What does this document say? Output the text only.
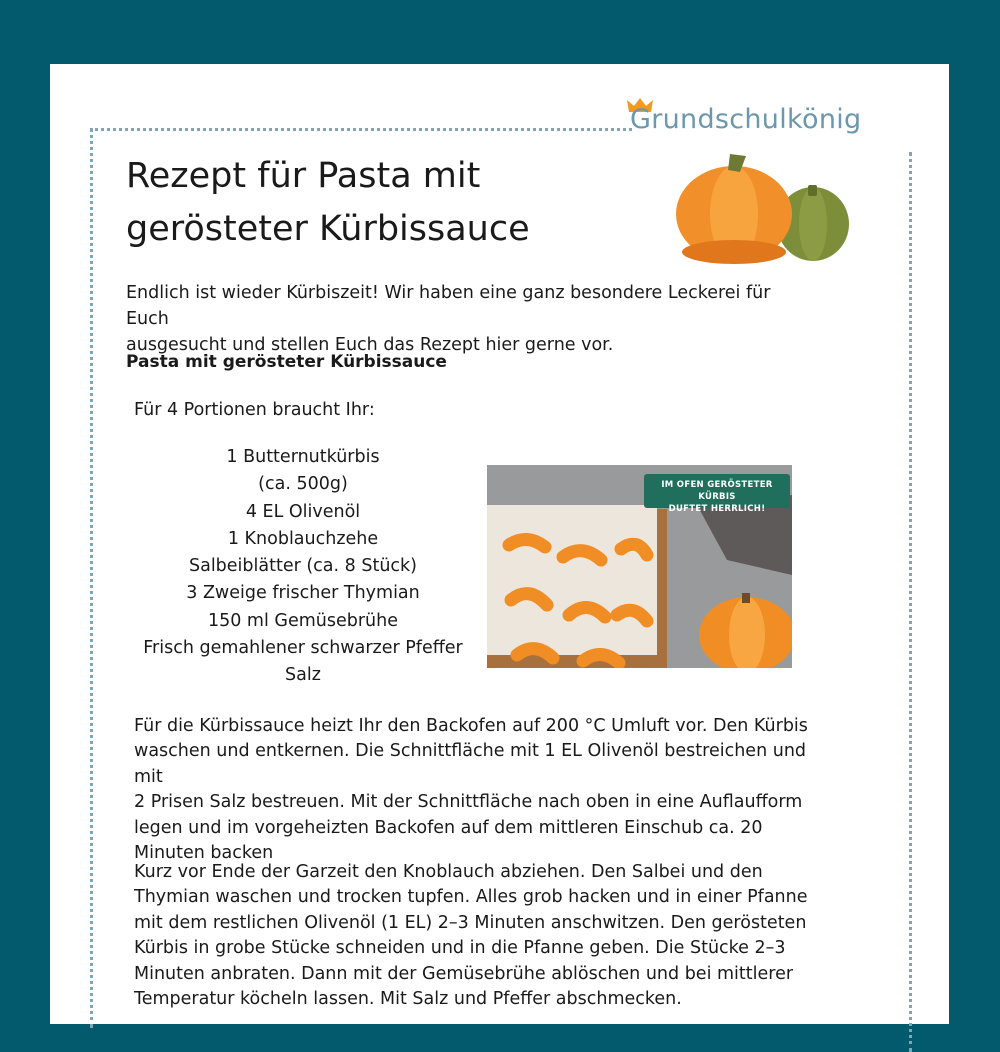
Grundschulkönig
Rezept für Pasta mit
gerösteter Kürbissauce

Endlich ist wieder Kürbiszeit! Wir haben eine ganz besondere Leckerei für Euch
ausgesucht und stellen Euch das Rezept hier gerne vor.

Pasta mit gerösteter Kürbissauce

Für 4 Portionen braucht Ihr:

1 Butternutkürbis
(ca. 500g)
4 EL Olivenöl
1 Knoblauchzehe
Salbeiblätter (ca. 8 Stück)
3 Zweige frischer Thymian
150 ml Gemüsebrühe
Frisch gemahlener schwarzer Pfeffer
Salz
IM OFEN GERÖSTETER KÜRBIS
DUFTET HERRLICH!

Für die Kürbissauce heizt Ihr den Backofen auf 200 °C Umluft vor. Den Kürbis
waschen und entkernen. Die Schnittfläche mit 1 EL Olivenöl bestreichen und mit
2 Prisen Salz bestreuen. Mit der Schnittfläche nach oben in eine Auflaufform
legen und im vorgeheizten Backofen auf dem mittleren Einschub ca. 20
Minuten backen

Kurz vor Ende der Garzeit den Knoblauch abziehen. Den Salbei und den
Thymian waschen und trocken tupfen. Alles grob hacken und in einer Pfanne
mit dem restlichen Olivenöl (1 EL) 2–3 Minuten anschwitzen. Den gerösteten
Kürbis in grobe Stücke schneiden und in die Pfanne geben. Die Stücke 2–3
Minuten anbraten. Dann mit der Gemüsebrühe ablöschen und bei mittlerer
Temperatur köcheln lassen. Mit Salz und Pfeffer abschmecken.
